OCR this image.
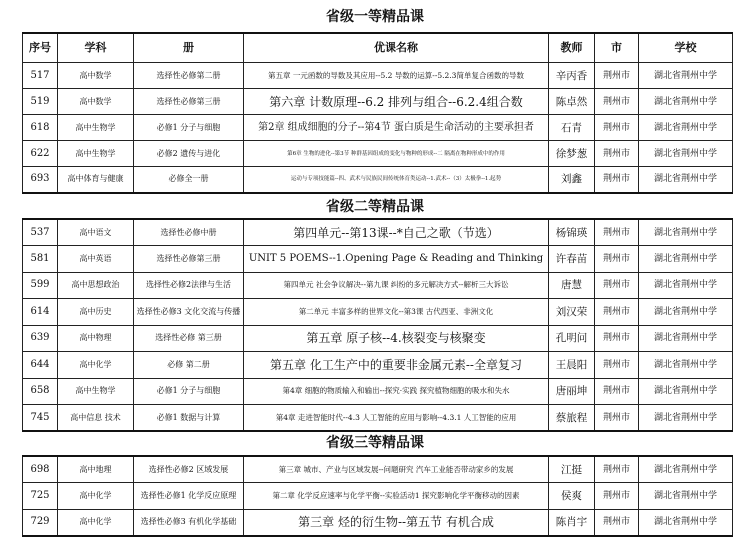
省级一等精品课
序号	学科	册	优课名称	教师	市	学校
517	高中数学	选择性必修第二册	第五章 一元函数的导数及其应用--5.2 导数的运算--5.2.3简单复合函数的导数	辛丙香	荆州市	湖北省荆州中学
519	高中数学	选择性必修第三册	第六章 计数原理--6.2 排列与组合--6.2.4组合数	陈卓然	荆州市	湖北省荆州中学
618	高中生物学	必修1 分子与细胞	第2章 组成细胞的分子--第4节 蛋白质是生命活动的主要承担者	石青	荆州市	湖北省荆州中学
622	高中生物学	必修2 遗传与进化	第6章 生物的进化--第3节 种群基因组成的变化与物种的形成--二 隔离在物种形成中的作用	徐梦葱	荆州市	湖北省荆州中学
693	高中体育与健康	必修全一册	运动与专项技能篇--四、武术与民族民间传统体育类运动--1.武术--（3）太极拳--1.起势	刘鑫	荆州市	湖北省荆州中学
省级二等精品课
537	高中语文	选择性必修中册	第四单元--第13课--*自己之歌（节选）	杨锦瑛	荆州市	湖北省荆州中学
581	高中英语	选择性必修第三册	UNIT 5 POEMS--1.Opening Page & Reading and Thinking	许春苗	荆州市	湖北省荆州中学
599	高中思想政治	选择性必修2法律与生活	第四单元 社会争议解决--第九课 纠纷的多元解决方式--解析三大诉讼	唐慧	荆州市	湖北省荆州中学
614	高中历史	选择性必修3 文化交流与传播	第二单元 丰富多样的世界文化--第3课 古代西亚、非洲文化	刘汉荣	荆州市	湖北省荆州中学
639	高中物理	选择性必修 第三册	第五章 原子核--4.核裂变与核聚变	孔明问	荆州市	湖北省荆州中学
644	高中化学	必修 第二册	第五章 化工生产中的重要非金属元素--全章复习	王晨阳	荆州市	湖北省荆州中学
658	高中生物学	必修1 分子与细胞	第4章 细胞的物质输入和输出--探究·实践 探究植物细胞的吸水和失水	唐丽坤	荆州市	湖北省荆州中学
745	高中信息 技术	必修1 数据与计算	第4章 走进智能时代--4.3 人工智能的应用与影响--4.3.1 人工智能的应用	蔡旅程	荆州市	湖北省荆州中学
省级三等精品课
698	高中地理	选择性必修2 区域发展	第三章 城市、产业与区域发展--问题研究 汽车工业能否带动家乡的发展	江挺	荆州市	湖北省荆州中学
725	高中化学	选择性必修1 化学反应原理	第二章 化学反应速率与化学平衡--实验活动1 探究影响化学平衡移动的因素	侯爽	荆州市	湖北省荆州中学
729	高中化学	选择性必修3 有机化学基础	第三章 烃的衍生物--第五节 有机合成	陈肖宇	荆州市	湖北省荆州中学
